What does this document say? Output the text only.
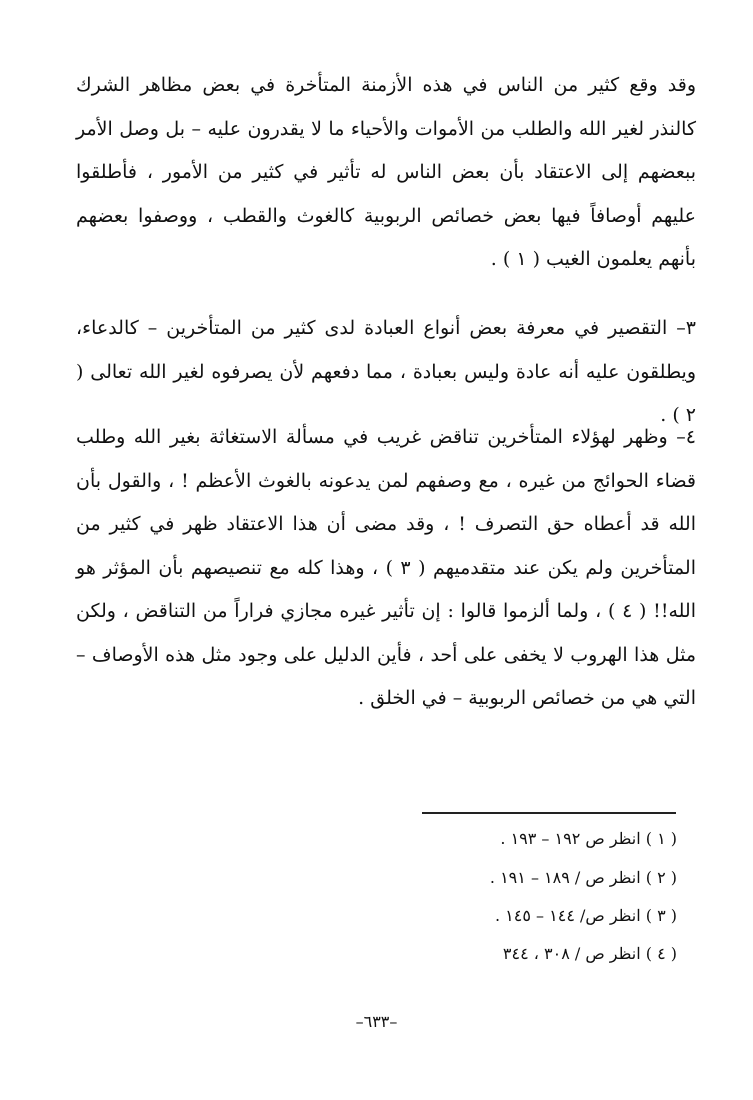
وقد وقع كثير من الناس في هذه الأزمنة المتأخرة في بعض مظاهر الشرك كالنذر لغير الله والطلب من الأموات والأحياء ما لا يقدرون عليه – بل وصل الأمر ببعضهم إلى الاعتقاد بأن بعض الناس له تأثير في كثير من الأمور ، فأطلقوا عليهم أوصافاً فيها بعض خصائص الربوبية كالغوث والقطب ، ووصفوا بعضهم بأنهم يعلمون الغيب ( ١ ) .

٣– التقصير في معرفة بعض أنواع العبادة لدى كثير من المتأخرين – كالدعاء، ويطلقون عليه أنه عادة وليس بعبادة ، مما دفعهم لأن يصرفوه لغير الله تعالى ( ٢ ) .

٤– وظهر لهؤلاء المتأخرين تناقض غريب في مسألة الاستغاثة بغير الله وطلب قضاء الحوائج من غيره ، مع وصفهم لمن يدعونه بالغوث الأعظم ! ، والقول بأن الله قد أعطاه حق التصرف ! ، وقد مضى أن هذا الاعتقاد ظهر في كثير من المتأخرين ولم يكن عند متقدميهم ( ٣ ) ، وهذا كله مع تنصيصهم بأن المؤثر هو الله!! ( ٤ ) ، ولما ألزموا قالوا : إن تأثير غيره مجازي فراراً من التناقض ، ولكن مثل هذا الهروب لا يخفى على أحد ، فأين الدليل على وجود مثل هذه الأوصاف –التي هي من خصائص الربوبية – في الخلق .

( ١ ) انظر ص ١٩٢ – ١٩٣ .
( ٢ ) انظر ص / ١٨٩ – ١٩١ .
( ٣ ) انظر ص/ ١٤٤ – ١٤٥ .
( ٤ ) انظر ص / ٣٠٨ ، ٣٤٤
–٦٣٣–
